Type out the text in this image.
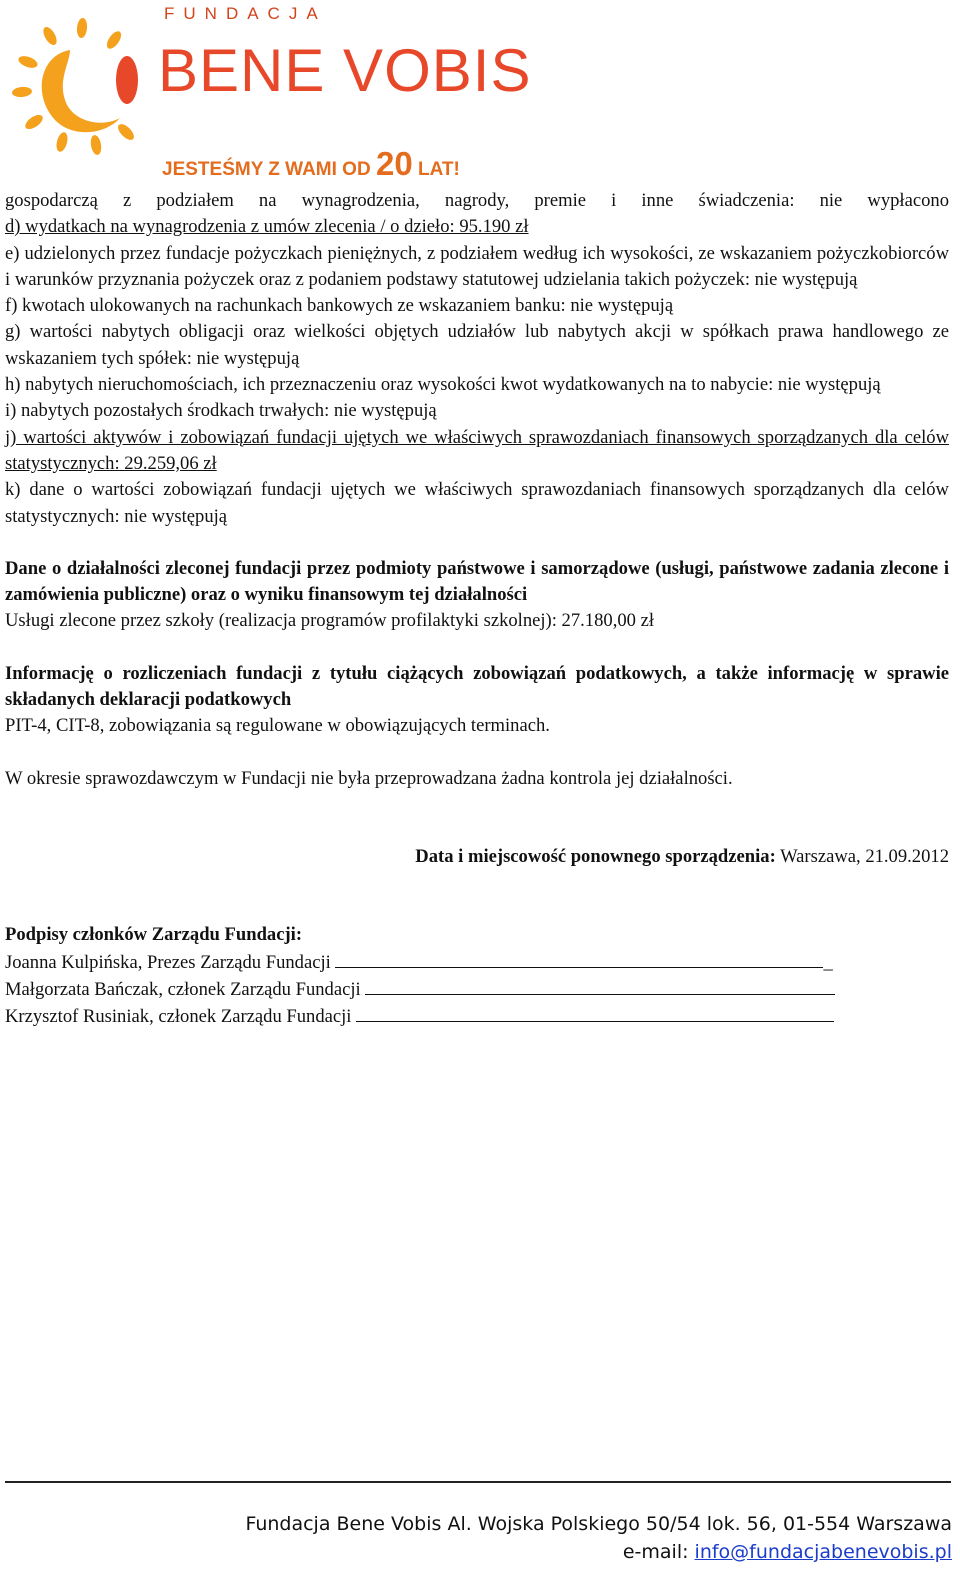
FUNDACJA
BENE VOBIS
JESTEŚMY Z WAMI OD 20 LAT!

gospodarczą z podziałem na wynagrodzenia, nagrody, premie i inne świadczenia: nie wypłacono

d) wydatkach na wynagrodzenia z umów zlecenia / o dzieło: 95.190 zł

e) udzielonych przez fundacje pożyczkach pieniężnych, z podziałem według ich wysokości, ze wskazaniem pożyczkobiorców i warunków przyznania pożyczek oraz z podaniem podstawy statutowej udzielania takich pożyczek: nie występują

f) kwotach ulokowanych na rachunkach bankowych ze wskazaniem banku: nie występują

g) wartości nabytych obligacji oraz wielkości objętych udziałów lub nabytych akcji w spółkach prawa handlowego ze wskazaniem tych spółek: nie występują

h) nabytych nieruchomościach, ich przeznaczeniu oraz wysokości kwot wydatkowanych na to nabycie: nie występują

i) nabytych pozostałych środkach trwałych: nie występują

j) wartości aktywów i zobowiązań fundacji ujętych we właściwych sprawozdaniach finansowych sporządzanych dla celów statystycznych: 29.259,06 zł

k) dane o wartości zobowiązań fundacji ujętych we właściwych sprawozdaniach finansowych sporządzanych dla celów statystycznych: nie występują

Dane o działalności zleconej fundacji przez podmioty państwowe i samorządowe (usługi, państwowe zadania zlecone i zamówienia publiczne) oraz o wyniku finansowym tej działalności

Usługi zlecone przez szkoły (realizacja programów profilaktyki szkolnej): 27.180,00 zł

Informację o rozliczeniach fundacji z tytułu ciążących zobowiązań podatkowych, a także informację w sprawie składanych deklaracji podatkowych

PIT-4, CIT-8, zobowiązania są regulowane w obowiązujących terminach.

W okresie sprawozdawczym w Fundacji nie była przeprowadzana żadna kontrola jej działalności.

Data i miejscowość ponownego sporządzenia: Warszawa, 21.09.2012

Podpisy członków Zarządu Fundacji:

Joanna Kulpińska, Prezes Zarządu Fundacji	_

Małgorzata Bańczak, członek Zarządu Fundacji

Krzysztof Rusiniak, członek Zarządu Fundacji

Fundacja Bene Vobis Al. Wojska Polskiego 50/54 lok. 56, 01-554 Warszawa
e-mail: info@fundacjabenevobis.pl
